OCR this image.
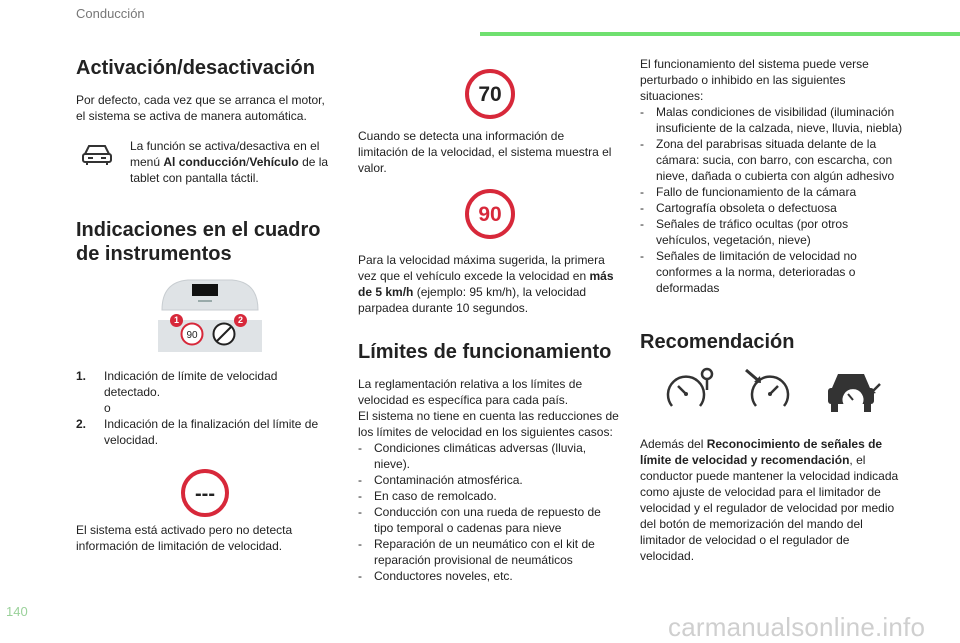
Conducción
140
carmanualsonline.info
Activación/desactivación

Por defecto, cada vez que se arranca el motor, el sistema se activa de manera automática.

La función se activa/desactiva en el menú Al conducción/Vehículo de la tablet con pantalla táctil.
Indicaciones en el cuadro de instrumentos
90
1	2
1. Indicación de límite de velocidad detectado.
o
2.	Indicación de la finalización del límite de velocidad.
---
El sistema está activado pero no detecta información de limitación de velocidad.
70
Cuando se detecta una información de limitación de la velocidad, el sistema muestra el valor.
90
Para la velocidad máxima sugerida, la primera vez que el vehículo excede la velocidad en más de 5 km/h (ejemplo: 95 km/h), la velocidad parpadea durante 10 segundos.
Límites de funcionamiento

La reglamentación relativa a los límites de velocidad es específica para cada país.

El sistema no tiene en cuenta las reducciones de los límites de velocidad en los siguientes casos:

- Condiciones climáticas adversas (lluvia, nieve).
- Contaminación atmosférica.
- En caso de remolcado.
- Conducción con una rueda de repuesto de tipo temporal o cadenas para nieve
- Reparación de un neumático con el kit de reparación provisional de neumáticos
- Conductores noveles, etc.

El funcionamiento del sistema puede verse perturbado o inhibido en las siguientes situaciones:

- Malas condiciones de visibilidad (iluminación insuficiente de la calzada, nieve, lluvia, niebla)
- Zona del parabrisas situada delante de la cámara: sucia, con barro, con escarcha, con nieve, dañada o cubierta con algún adhesivo
- Fallo de funcionamiento de la cámara
- Cartografía obsoleta o defectuosa
- Señales de tráfico ocultas (por otros vehículos, vegetación, nieve)
- Señales de limitación de velocidad no conformes a la norma, deterioradas o deformadas
Recomendación
Además del Reconocimiento de señales de límite de velocidad y recomendación, el conductor puede mantener la velocidad indicada como ajuste de velocidad para el limitador de velocidad y el regulador de velocidad por medio del botón de memorización del mando del limitador de velocidad o el regulador de velocidad.
